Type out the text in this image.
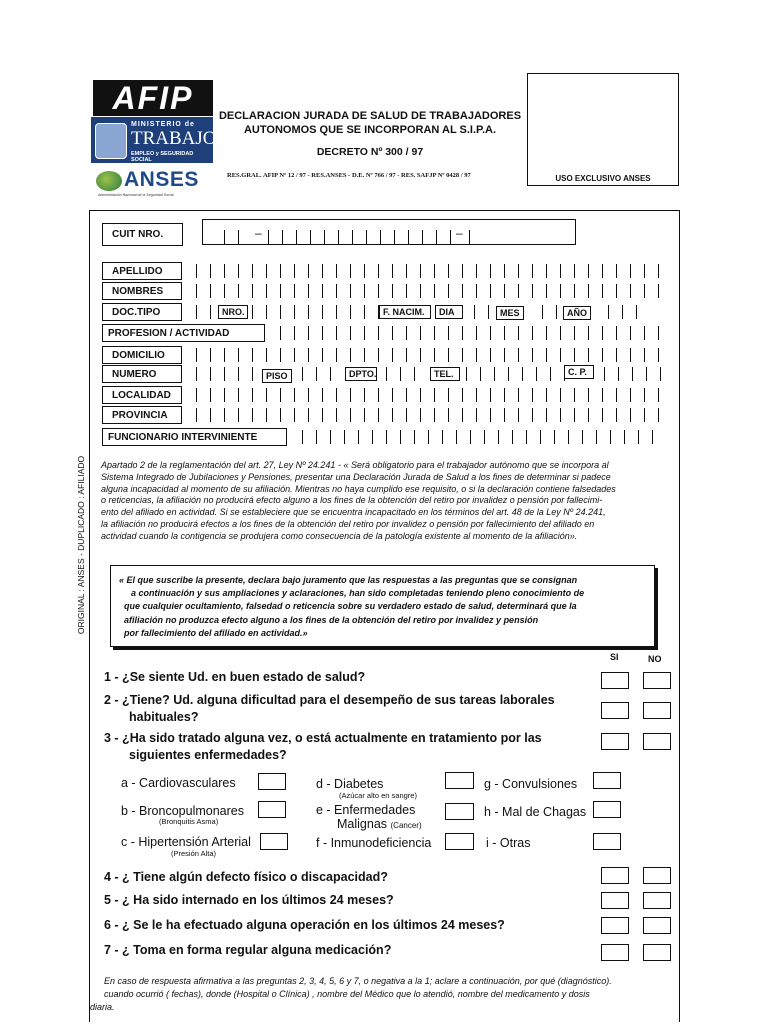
AFIP
MINISTERIO de
TRABAJO
EMPLEO y SEGURIDAD SOCIAL
ANSES
Administración Nacional de la Seguridad Social
DECLARACION JURADA DE SALUD DE TRABAJADORES
AUTONOMOS QUE SE INCORPORAN AL S.I.P.A.
DECRETO Nº 300 / 97
RES.GRAL. AFIP Nº 12 / 97 - RES.ANSES - D.E. Nº 766 / 97 - RES. SAFJP Nº 0428 / 97	USO EXCLUSIVO ANSES
ORIGINAL : ANSES - DUPLICADO : AFILIADO
CUIT NRO.	–	–
APELLIDO
NOMBRES
DOC.TIPO	NRO.	F. NACIM.	DIA	MES	AÑO
PROFESION / ACTIVIDAD
DOMICILIO
NUMERO	PISO	DPTO.	TEL.	C. P.
LOCALIDAD
PROVINCIA
FUNCIONARIO INTERVINIENTE
Apartado 2 de la reglamentación del art. 27, Ley Nº 24.241 - « Será obligatorio para el trabajador autónomo que se incorpora al
Sistema Integrado de Jubilaciones y Pensiones, presentar una Declaración Jurada de Salud a los fines de determinar si padece
alguna incapacidad al momento de su afiliación. Mientras no haya cumplido ese requisito, o si la declaración contiene falsedades
o reticencias, la afiliación no producirá efecto alguno a los fines de la obtención del retiro por invalidez o pensión por fallecimi-
ento del afiliado en actividad. Si se estableciere que se encuentra incapacitado en los términos del art. 48 de la Ley Nº 24.241,
la afiliación no producirá efectos a los fines de la obtención del retiro por invalidez o pensión por fallecimiento del afiliado en
actividad cuando la contigencia se produjera como consecuencia de la patología existente al momento de la afiliación».
« El que suscribe la presente, declara bajo juramento que las respuestas a las preguntas que se consignan
a continuación y sus ampliaciones y aclaraciones, han sido completadas teniendo pleno conocimiento de
que cualquier ocultamiento, falsedad o reticencia sobre su verdadero estado de salud, determinará que la
afiliación no produzca efecto alguno a los fines de la obtención del retiro por invalidez y pensión
por fallecimiento del afiliado en actividad.»
SI	NO
1 - ¿Se siente Ud. en buen estado de salud?
2 - ¿Tiene? Ud. alguna dificultad para el desempeño de sus tareas laborales
habituales?
3 - ¿Ha sido tratado alguna vez, o está actualmente en tratamiento por las
siguientes enfermedades?
a - Cardiovasculares
b - Broncopulmonares
(Bronquitis Asma)
c - Hipertensión Arterial
(Presión Alta)
d - Diabetes
(Azúcar alto en sangre)
e - Enfermedades
Malignas (Cancer)
f - Inmunodeficiencia
g - Convulsiones
h - Mal de Chagas
i - Otras
4 - ¿ Tiene algún defecto físico o discapacidad?
5 - ¿ Ha sido internado en los últimos 24 meses?
6 - ¿ Se le ha efectuado alguna operación en los últimos 24 meses?
7 - ¿ Toma en forma regular alguna medicación?
En caso de respuesta afirmativa a las preguntas 2, 3, 4, 5, 6 y 7, o negativa a la 1; aclare a continuación, por qué (diagnóstico).
cuando ocurrió ( fechas), donde (Hospital o Clínica) , nombre del Médico que lo atendió, nombre del medicamento y dosis
diaria.
